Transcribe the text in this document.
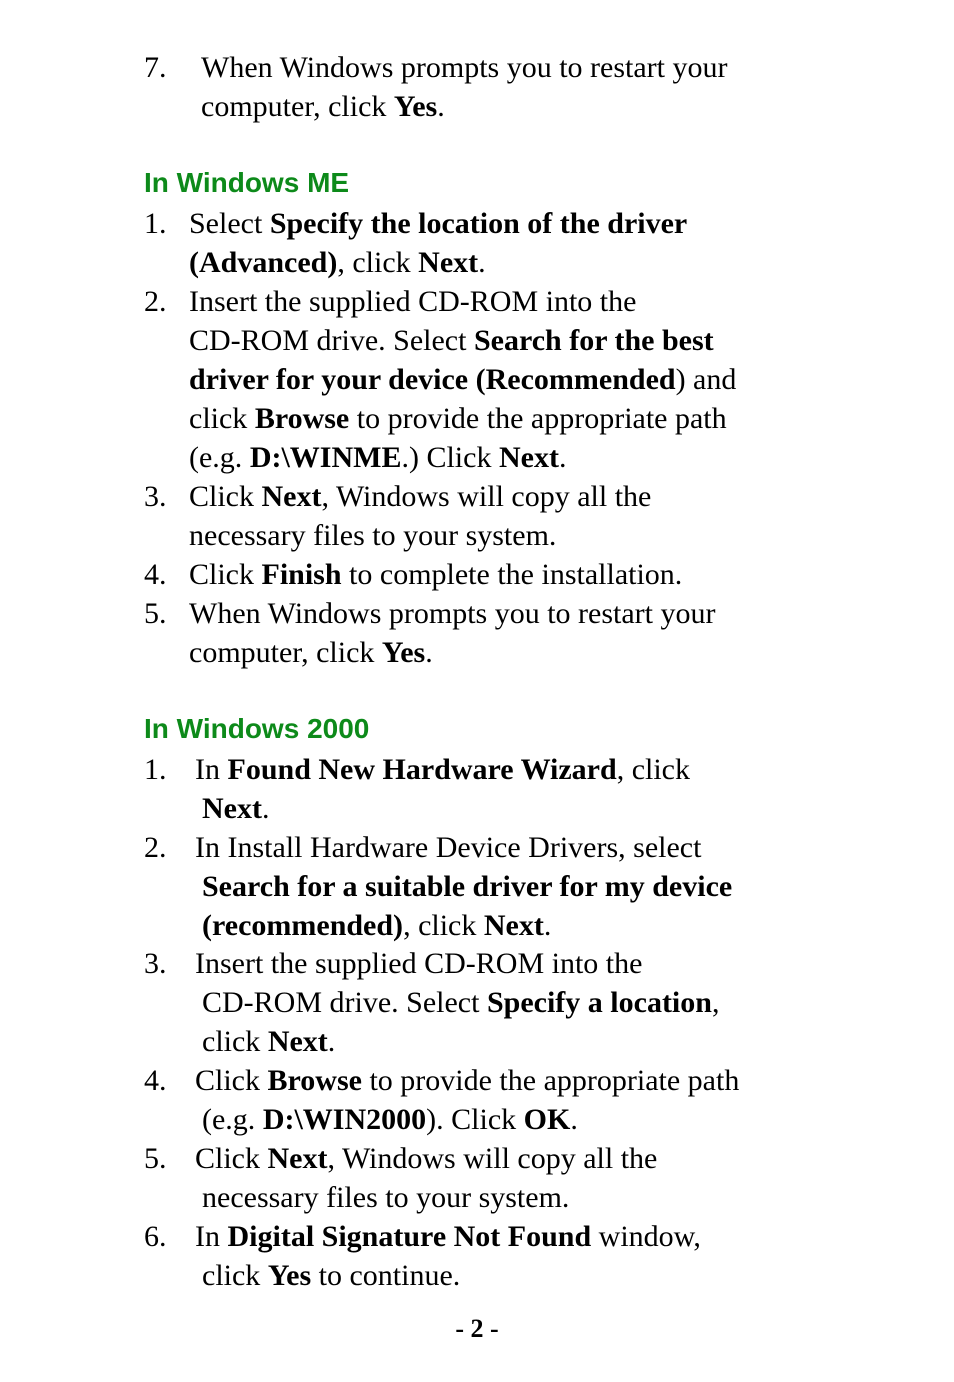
7. When Windows prompts you to restart your
computer, click Yes.
In Windows ME
1. Select Specify the location of the driver
(Advanced), click Next.
2. Insert the supplied CD-ROM into the
CD-ROM drive. Select Search for the best
driver for your device (Recommended) and
click Browse to provide the appropriate path
(e.g. D:\WINME.) Click Next.
3. Click Next, Windows will copy all the
necessary files to your system.
4. Click Finish to complete the installation.
5. When Windows prompts you to restart your
computer, click Yes.
In Windows 2000
1. In Found New Hardware Wizard, click
Next.
2. In Install Hardware Device Drivers, select
Search for a suitable driver for my device
(recommended), click Next.
3. Insert the supplied CD-ROM into the
CD-ROM drive. Select Specify a location,
click Next.
4. Click Browse to provide the appropriate path
(e.g. D:\WIN2000). Click OK.
5. Click Next, Windows will copy all the
necessary files to your system.
6. In Digital Signature Not Found window,
click Yes to continue.
- 2 -
